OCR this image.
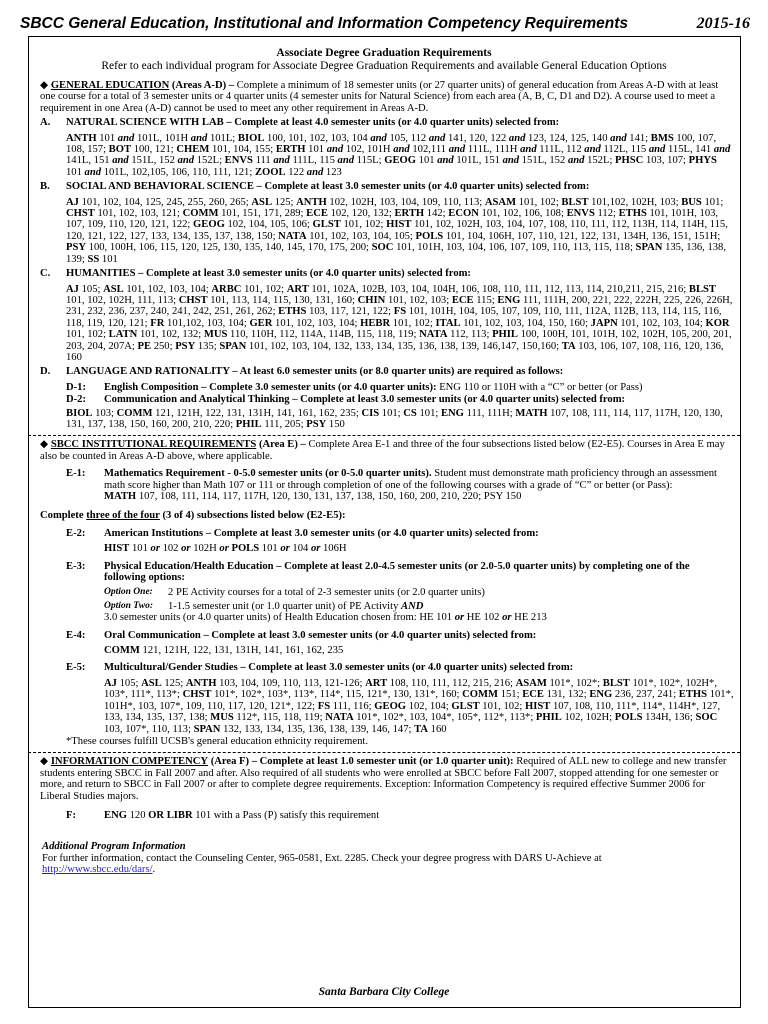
SBCC General Education, Institutional and Information Competency Requirements	2015-16
Associate Degree Graduation Requirements
Refer to each individual program for Associate Degree Graduation Requirements and available General Education Options

◆ GENERAL EDUCATION (Areas A-D) – Complete a minimum of 18 semester units (or 27 quarter units) of general education from Areas A-D with at least one course for a total of 3 semester units or 4 quarter units (4 semester units for Natural Science) from each area (A, B, C, D1 and D2). A course used to meet a requirement in one Area (A-D) cannot be used to meet any other requirement in Areas A-D.

A. NATURAL SCIENCE WITH LAB – Complete at least 4.0 semester units (or 4.0 quarter units) selected from:
ANTH 101 and 101L, 101H and 101L; BIOL 100, 101, 102, 103, 104 and 105, 112 and 141, 120, 122 and 123, 124, 125, 140 and 141; BMS 100, 107, 108, 157; BOT 100, 121; CHEM 101, 104, 155; ERTH 101 and 102, 101H and 102,111 and 111L, 111H and 111L, 112 and 112L, 115 and 115L, 141 and 141L, 151 and 151L, 152 and 152L; ENVS 111 and 111L, 115 and 115L; GEOG 101 and 101L, 151 and 151L, 152 and 152L; PHSC 103, 107; PHYS 101 and 101L, 102,105, 106, 110, 111, 121; ZOOL 122 and 123
B. SOCIAL AND BEHAVIORAL SCIENCE – Complete at least 3.0 semester units (or 4.0 quarter units) selected from:
AJ 101, 102, 104, 125, 245, 255, 260, 265; ASL 125; ANTH 102, 102H, 103, 104, 109, 110, 113; ASAM 101, 102; BLST 101,102, 102H, 103; BUS 101; CHST 101, 102, 103, 121; COMM 101, 151, 171, 289; ECE 102, 120, 132; ERTH 142; ECON 101, 102, 106, 108; ENVS 112; ETHS 101, 101H, 103, 107, 109, 110, 120, 121, 122; GEOG 102, 104, 105, 106; GLST 101, 102; HIST 101, 102, 102H, 103, 104, 107, 108, 110, 111, 112, 113H, 114, 114H, 115, 120, 121, 122, 127, 133, 134, 135, 137, 138, 150; NATA 101, 102, 103, 104, 105; POLS 101, 104, 106H, 107, 110, 121, 122, 131, 134H, 136, 151, 151H; PSY 100, 100H, 106, 115, 120, 125, 130, 135, 140, 145, 170, 175, 200; SOC 101, 101H, 103, 104, 106, 107, 109, 110, 113, 115, 118; SPAN 135, 136, 138, 139; SS 101
C. HUMANITIES – Complete at least 3.0 semester units (or 4.0 quarter units) selected from:
AJ 105; ASL 101, 102, 103, 104; ARBC 101, 102; ART 101, 102A, 102B, 103, 104, 104H, 106, 108, 110, 111, 112, 113, 114, 210,211, 215, 216; BLST 101, 102, 102H, 111, 113; CHST 101, 113, 114, 115, 130, 131, 160; CHIN 101, 102, 103; ECE 115; ENG 111, 111H, 200, 221, 222, 222H, 225, 226, 226H, 231, 232, 236, 237, 240, 241, 242, 251, 261, 262; ETHS 103, 117, 121, 122; FS 101, 101H, 104, 105, 107, 109, 110, 111, 112A, 112B, 113, 114, 115, 116, 118, 119, 120, 121; FR 101,102, 103, 104; GER 101, 102, 103, 104; HEBR 101, 102; ITAL 101, 102, 103, 104, 150, 160; JAPN 101, 102, 103, 104; KOR 101, 102; LATN 101, 102, 132; MUS 110, 110H, 112, 114A, 114B, 115, 118, 119; NATA 112, 113; PHIL 100, 100H, 101, 101H, 102, 102H, 105, 200, 201, 203, 204, 207A; PE 250; PSY 135; SPAN 101, 102, 103, 104, 132, 133, 134, 135, 136, 138, 139, 146,147, 150,160; TA 103, 106, 107, 108, 116, 120, 136, 160
D. LANGUAGE AND RATIONALITY – At least 6.0 semester units (or 8.0 quarter units) are required as follows:
D-1:	English Composition – Complete 3.0 semester units (or 4.0 quarter units): ENG 110 or 110H with a “C” or better (or Pass)
D-2:	Communication and Analytical Thinking – Complete at least 3.0 semester units (or 4.0 quarter units) selected from:
BIOL 103; COMM 121, 121H, 122, 131, 131H, 141, 161, 162, 235; CIS 101; CS 101; ENG 111, 111H; MATH 107, 108, 111, 114, 117, 117H, 120, 130, 131, 137, 138, 150, 160, 200, 210, 220; PHIL 111, 205; PSY 150

◆ SBCC INSTITUTIONAL REQUIREMENTS (Area E) – Complete Area E-1 and three of the four subsections listed below (E2-E5). Courses in Area E may also be counted in Areas A-D above, where applicable.

E-1:	Mathematics Requirement - 0-5.0 semester units (or 0-5.0 quarter units). Student must demonstrate math proficiency through an assessment math score higher than Math 107 or 111 or through completion of one of the following courses with a grade of “C” or better (or Pass):
MATH 107, 108, 111, 114, 117, 117H, 120, 130, 131, 137, 138, 150, 160, 200, 210, 220; PSY 150

Complete three of the four (3 of 4) subsections listed below (E2-E5):

E-2:	American Institutions – Complete at least 3.0 semester units (or 4.0 quarter units) selected from:

HIST 101 or 102 or 102H or POLS 101 or 104 or 106H
E-3:	Physical Education/Health Education – Complete at least 2.0-4.5 semester units (or 2.0-5.0 quarter units) by completing one of the following options:
Option One:	2 PE Activity courses for a total of 2-3 semester units (or 2.0 quarter units)
Option Two:	1-1.5 semester unit (or 1.0 quarter unit) of PE Activity AND
3.0 semester units (or 4.0 quarter units) of Health Education chosen from: HE 101 or HE 102 or HE 213
E-4:	Oral Communication – Complete at least 3.0 semester units (or 4.0 quarter units) selected from:

COMM 121, 121H, 122, 131, 131H, 141, 161, 162, 235
E-5:	Multicultural/Gender Studies – Complete at least 3.0 semester units (or 4.0 quarter units) selected from:
AJ 105; ASL 125; ANTH 103, 104, 109, 110, 113, 121-126; ART 108, 110, 111, 112, 215, 216; ASAM 101*, 102*; BLST 101*, 102*, 102H*, 103*, 111*, 113*; CHST 101*, 102*, 103*, 113*, 114*, 115, 121*, 130, 131*, 160; COMM 151; ECE 131, 132; ENG 236, 237, 241; ETHS 101*, 101H*, 103, 107*, 109, 110, 117, 120, 121*, 122; FS 111, 116; GEOG 102, 104; GLST 101, 102; HIST 107, 108, 110, 111*, 114*, 114H*, 127, 133, 134, 135, 137, 138; MUS 112*, 115, 118, 119; NATA 101*, 102*, 103, 104*, 105*, 112*, 113*; PHIL 102, 102H; POLS 134H, 136; SOC 103, 107*, 110, 113; SPAN 132, 133, 134, 135, 136, 138, 139, 146, 147; TA 160

*These courses fulfill UCSB's general education ethnicity requirement.

◆ INFORMATION COMPETENCY (Area F) – Complete at least 1.0 semester unit (or 1.0 quarter unit): Required of ALL new to college and new transfer students entering SBCC in Fall 2007 and after. Also required of all students who were enrolled at SBCC before Fall 2007, stopped attending for one semester or more, and return to SBCC in Fall 2007 or after to complete degree requirements. Exception: Information Competency is required effective Summer 2006 for Liberal Studies majors.

F:	ENG 120 OR LIBR 101 with a Pass (P) satisfy this requirement
Additional Program Information
For further information, contact the Counseling Center, 965-0581, Ext. 2285. Check your degree progress with DARS U-Achieve at
http://www.sbcc.edu/dars/.
Santa Barbara City College
